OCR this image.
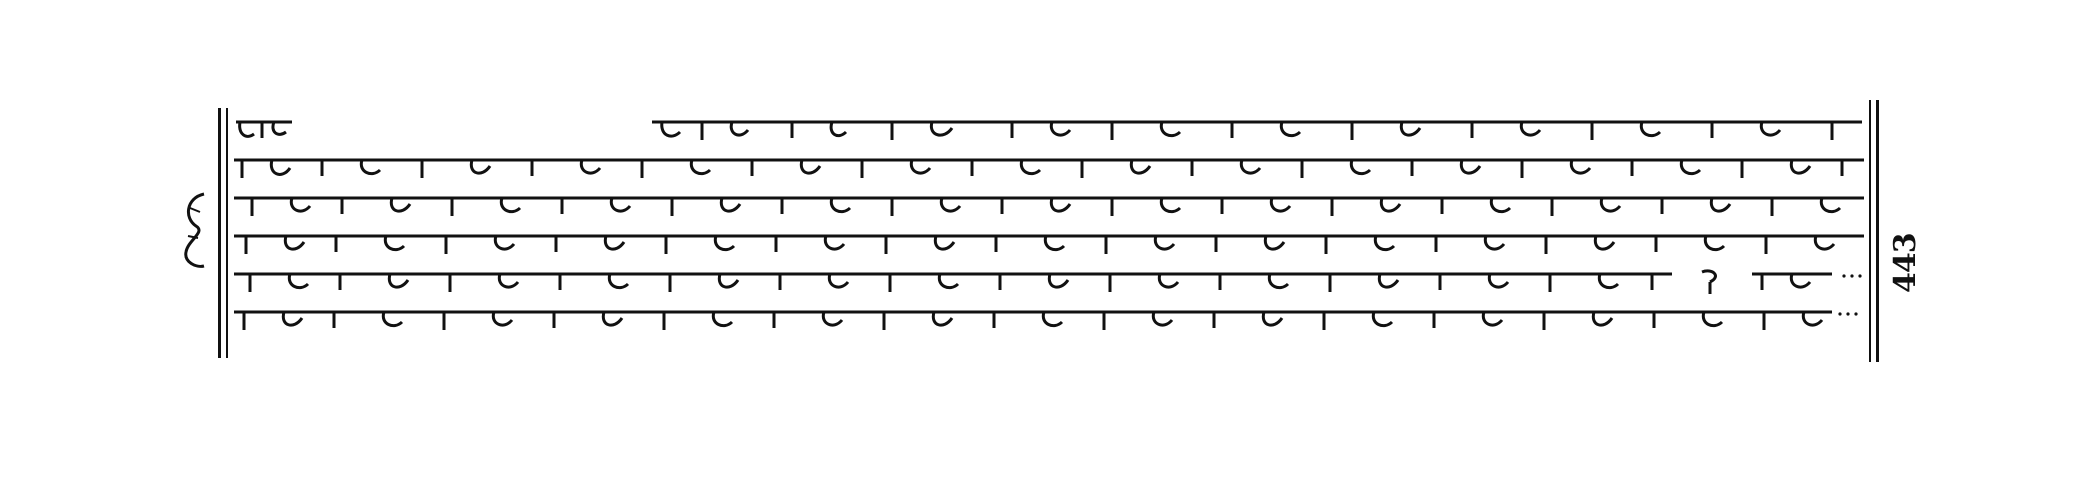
443
